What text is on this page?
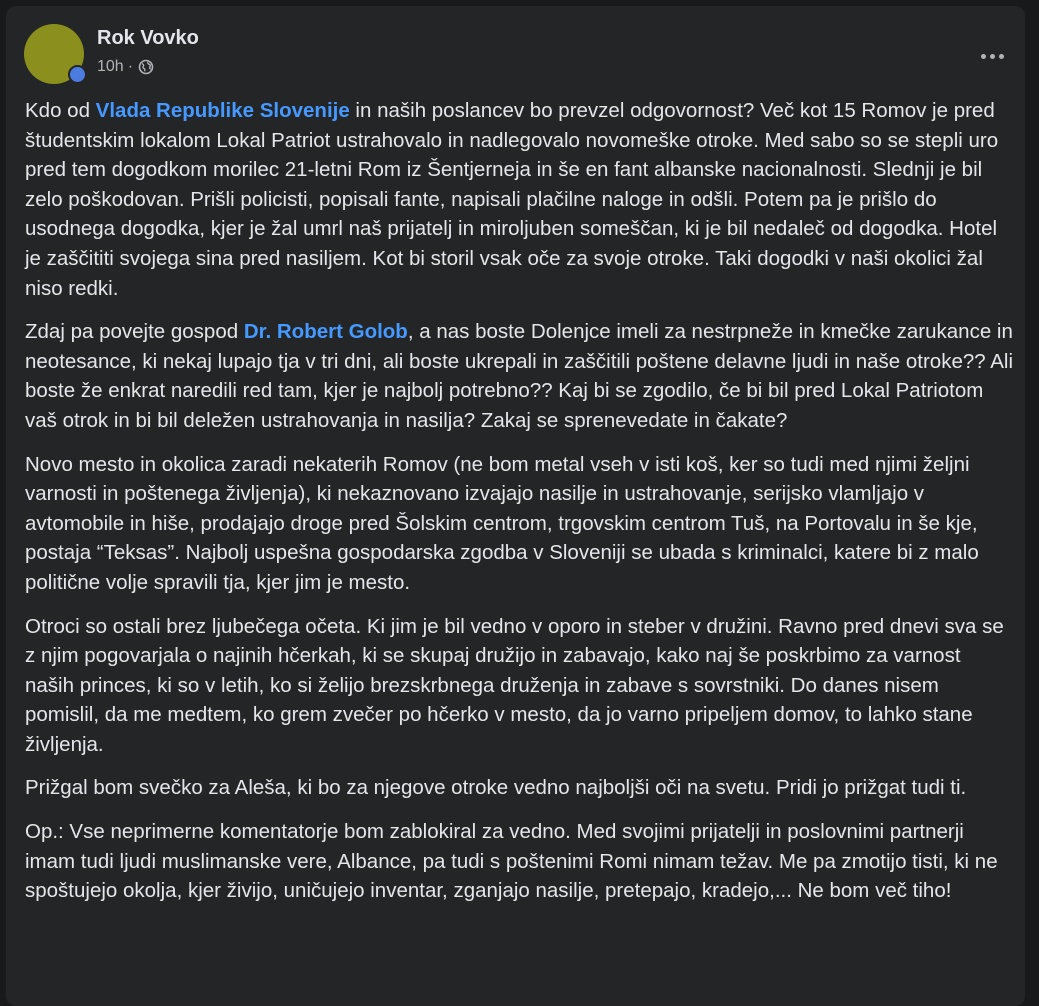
Rok Vovko
10h ·

Kdo od Vlada Republike Slovenije in naših poslancev bo prevzel odgovornost? Več kot 15 Romov je pred študentskim lokalom Lokal Patriot ustrahovalo in nadlegovalo novomeške otroke. Med sabo so se stepli uro pred tem dogodkom morilec 21-letni Rom iz Šentjerneja in še en fant albanske nacionalnosti. Slednji je bil zelo poškodovan. Prišli policisti, popisali fante, napisali plačilne naloge in odšli. Potem pa je prišlo do usodnega dogodka, kjer je žal umrl naš prijatelj in miroljuben someščan, ki je bil nedaleč od dogodka. Hotel je zaščititi svojega sina pred nasiljem. Kot bi storil vsak oče za svoje otroke. Taki dogodki v naši okolici žal niso redki.

Zdaj pa povejte gospod Dr. Robert Golob, a nas boste Dolenjce imeli za nestrpneže in kmečke zarukance in neotesance, ki nekaj lupajo tja v tri dni, ali boste ukrepali in zaščitili poštene delavne ljudi in naše otroke?? Ali boste že enkrat naredili red tam, kjer je najbolj potrebno?? Kaj bi se zgodilo, če bi bil pred Lokal Patriotom vaš otrok in bi bil deležen ustrahovanja in nasilja? Zakaj se sprenevedate in čakate?

Novo mesto in okolica zaradi nekaterih Romov (ne bom metal vseh v isti koš, ker so tudi med njimi željni varnosti in poštenega življenja), ki nekaznovano izvajajo nasilje in ustrahovanje, serijsko vlamljajo v avtomobile in hiše, prodajajo droge pred Šolskim centrom, trgovskim centrom Tuš, na Portovalu in še kje, postaja “Teksas”. Najbolj uspešna gospodarska zgodba v Sloveniji se ubada s kriminalci, katere bi z malo politične volje spravili tja, kjer jim je mesto.

Otroci so ostali brez ljubečega očeta. Ki jim je bil vedno v oporo in steber v družini. Ravno pred dnevi sva se z njim pogovarjala o najinih hčerkah, ki se skupaj družijo in zabavajo, kako naj še poskrbimo za varnost naših princes, ki so v letih, ko si želijo brezskrbnega druženja in zabave s sovrstniki. Do danes nisem pomislil, da me medtem, ko grem zvečer po hčerko v mesto, da jo varno pripeljem domov, to lahko stane življenja.

Prižgal bom svečko za Aleša, ki bo za njegove otroke vedno najboljši oči na svetu. Pridi jo prižgat tudi ti.

Op.: Vse neprimerne komentatorje bom zablokiral za vedno. Med svojimi prijatelji in poslovnimi partnerji imam tudi ljudi muslimanske vere, Albance, pa tudi s poštenimi Romi nimam težav. Me pa zmotijo tisti, ki ne spoštujejo okolja, kjer živijo, uničujejo inventar, zganjajo nasilje, pretepajo, kradejo,... Ne bom več tiho!
